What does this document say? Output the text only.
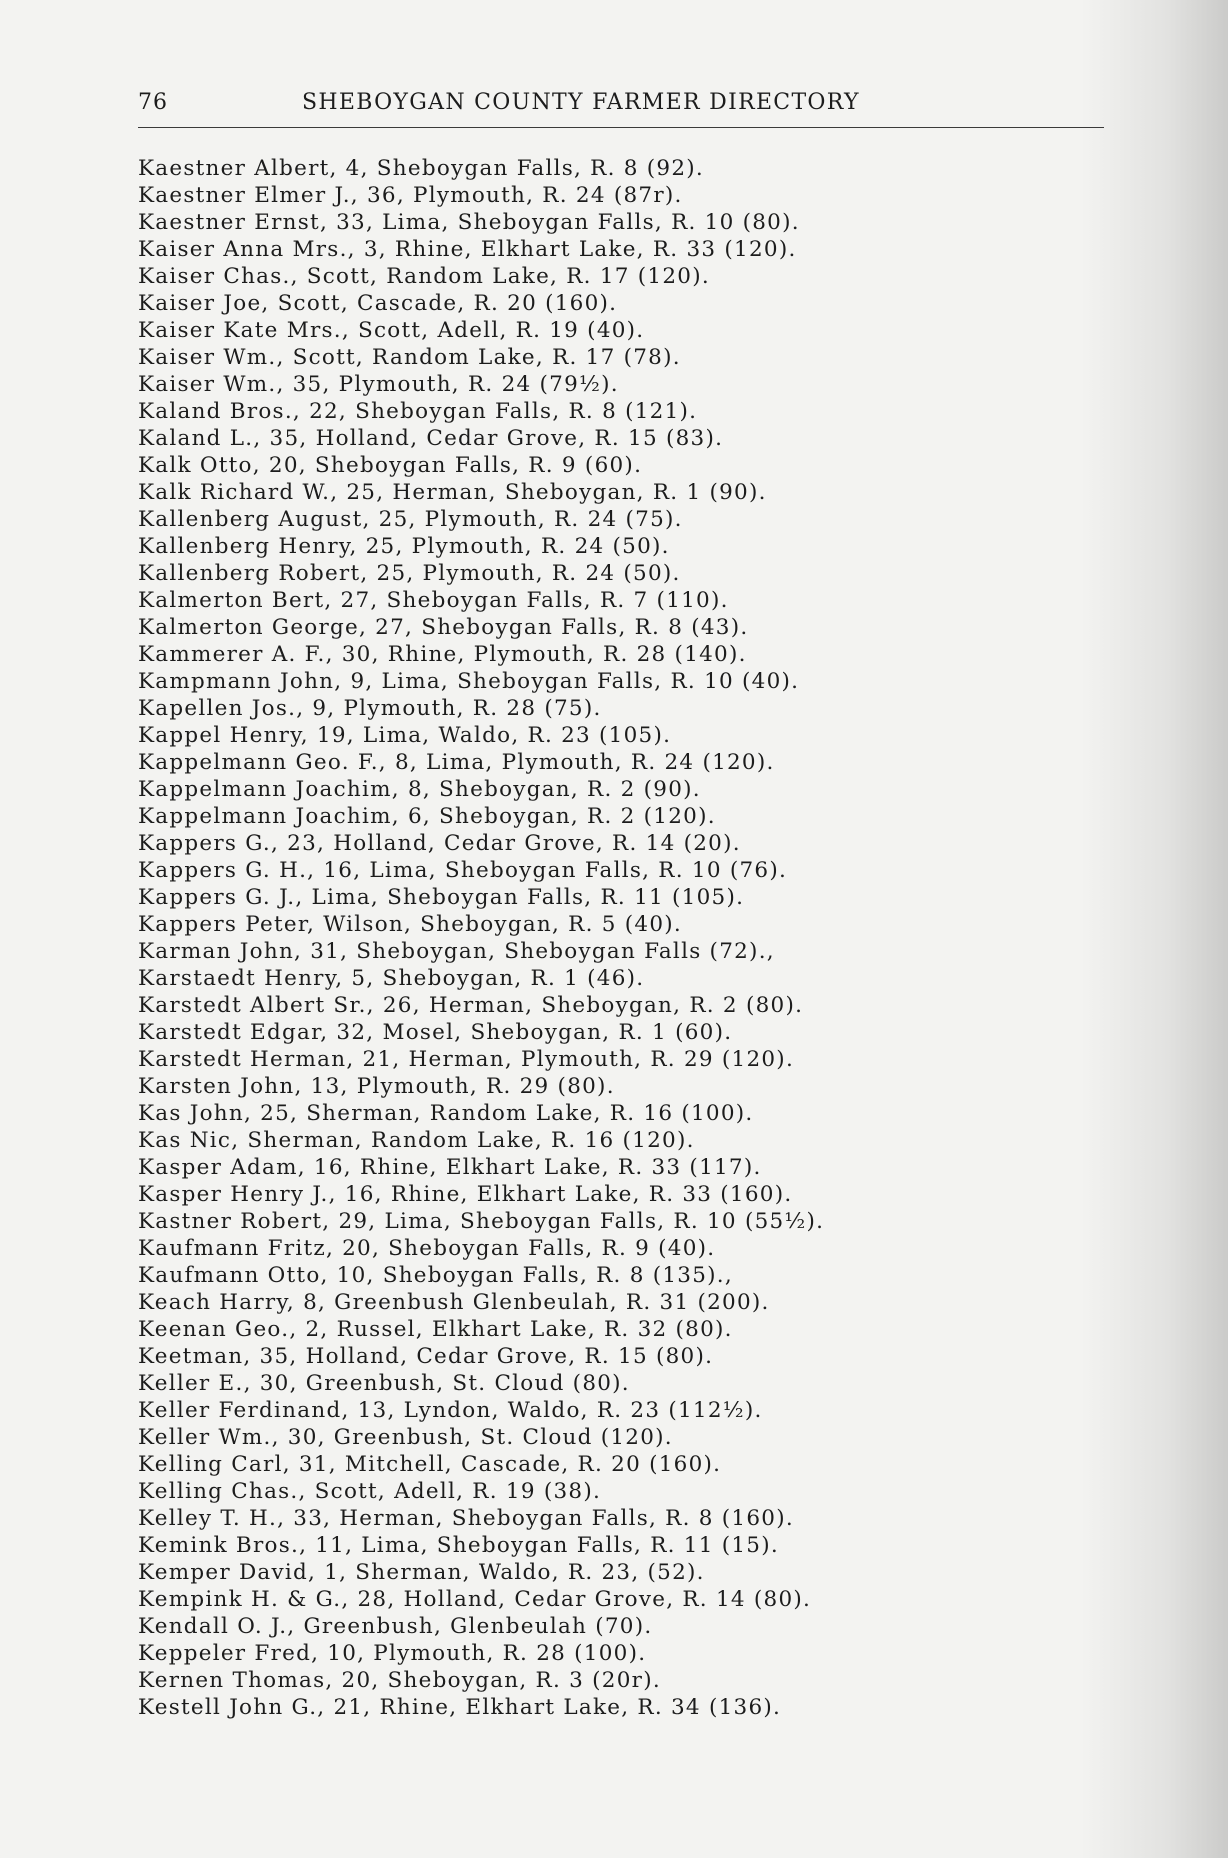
76	SHEBOYGAN COUNTY FARMER DIRECTORY
Kaestner Albert, 4, Sheboygan Falls, R. 8 (92).
Kaestner Elmer J., 36, Plymouth, R. 24 (87r).
Kaestner Ernst, 33, Lima, Sheboygan Falls, R. 10 (80).
Kaiser Anna Mrs., 3, Rhine, Elkhart Lake, R. 33 (120).
Kaiser Chas., Scott, Random Lake, R. 17 (120).
Kaiser Joe, Scott, Cascade, R. 20 (160).
Kaiser Kate Mrs., Scott, Adell, R. 19 (40).
Kaiser Wm., Scott, Random Lake, R. 17 (78).
Kaiser Wm., 35, Plymouth, R. 24 (79½).
Kaland Bros., 22, Sheboygan Falls, R. 8 (121).
Kaland L., 35, Holland, Cedar Grove, R. 15 (83).
Kalk Otto, 20, Sheboygan Falls, R. 9 (60).
Kalk Richard W., 25, Herman, Sheboygan, R. 1 (90).
Kallenberg August, 25, Plymouth, R. 24 (75).
Kallenberg Henry, 25, Plymouth, R. 24 (50).
Kallenberg Robert, 25, Plymouth, R. 24 (50).
Kalmerton Bert, 27, Sheboygan Falls, R. 7 (110).
Kalmerton George, 27, Sheboygan Falls, R. 8 (43).
Kammerer A. F., 30, Rhine, Plymouth, R. 28 (140).
Kampmann John, 9, Lima, Sheboygan Falls, R. 10 (40).
Kapellen Jos., 9, Plymouth, R. 28 (75).
Kappel Henry, 19, Lima, Waldo, R. 23 (105).
Kappelmann Geo. F., 8, Lima, Plymouth, R. 24 (120).
Kappelmann Joachim, 8, Sheboygan, R. 2 (90).
Kappelmann Joachim, 6, Sheboygan, R. 2 (120).
Kappers G., 23, Holland, Cedar Grove, R. 14 (20).
Kappers G. H., 16, Lima, Sheboygan Falls, R. 10 (76).
Kappers G. J., Lima, Sheboygan Falls, R. 11 (105).
Kappers Peter, Wilson, Sheboygan, R. 5 (40).
Karman John, 31, Sheboygan, Sheboygan Falls (72).,
Karstaedt Henry, 5, Sheboygan, R. 1 (46).
Karstedt Albert Sr., 26, Herman, Sheboygan, R. 2 (80).
Karstedt Edgar, 32, Mosel, Sheboygan, R. 1 (60).
Karstedt Herman, 21, Herman, Plymouth, R. 29 (120).
Karsten John, 13, Plymouth, R. 29 (80).
Kas John, 25, Sherman, Random Lake, R. 16 (100).
Kas Nic, Sherman, Random Lake, R. 16 (120).
Kasper Adam, 16, Rhine, Elkhart Lake, R. 33 (117).
Kasper Henry J., 16, Rhine, Elkhart Lake, R. 33 (160).
Kastner Robert, 29, Lima, Sheboygan Falls, R. 10 (55½).
Kaufmann Fritz, 20, Sheboygan Falls, R. 9 (40).
Kaufmann Otto, 10, Sheboygan Falls, R. 8 (135).,
Keach Harry, 8, Greenbush Glenbeulah, R. 31 (200).
Keenan Geo., 2, Russel, Elkhart Lake, R. 32 (80).
Keetman, 35, Holland, Cedar Grove, R. 15 (80).
Keller E., 30, Greenbush, St. Cloud (80).
Keller Ferdinand, 13, Lyndon, Waldo, R. 23 (112½).
Keller Wm., 30, Greenbush, St. Cloud (120).
Kelling Carl, 31, Mitchell, Cascade, R. 20 (160).
Kelling Chas., Scott, Adell, R. 19 (38).
Kelley T. H., 33, Herman, Sheboygan Falls, R. 8 (160).
Kemink Bros., 11, Lima, Sheboygan Falls, R. 11 (15).
Kemper David, 1, Sherman, Waldo, R. 23, (52).
Kempink H. & G., 28, Holland, Cedar Grove, R. 14 (80).
Kendall O. J., Greenbush, Glenbeulah (70).
Keppeler Fred, 10, Plymouth, R. 28 (100).
Kernen Thomas, 20, Sheboygan, R. 3 (20r).
Kestell John G., 21, Rhine, Elkhart Lake, R. 34 (136).
